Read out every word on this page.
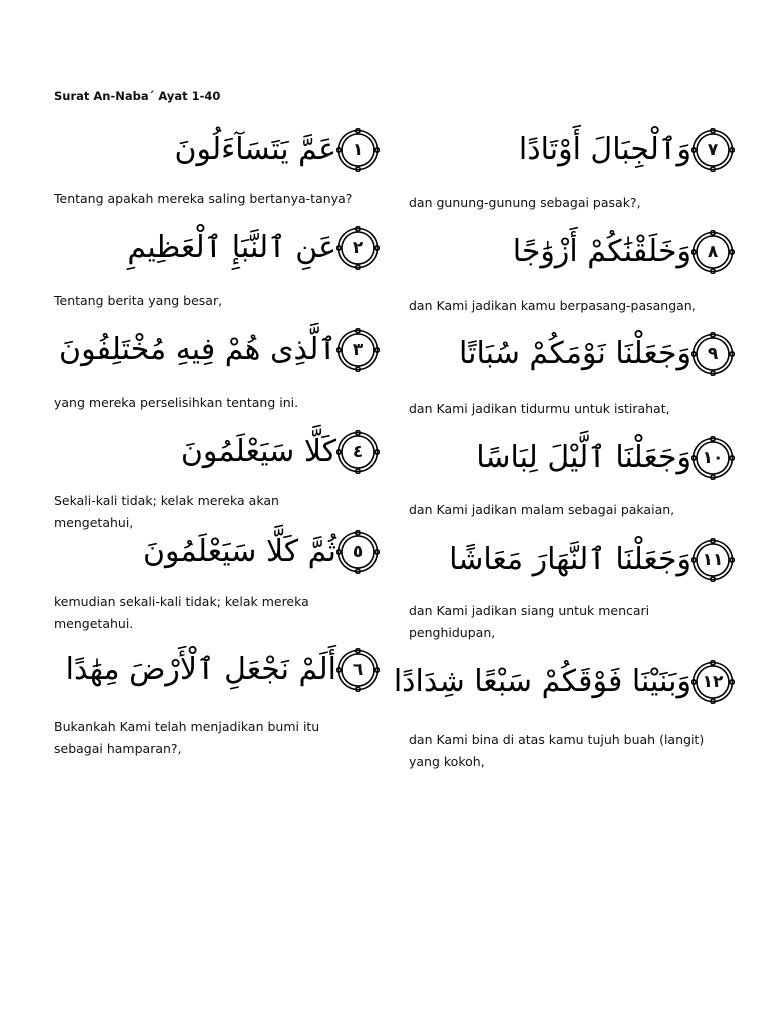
Surat An-Naba´ Ayat 1-40
عَمَّ يَتَسَآءَلُونَ ١
Tentang apakah mereka saling bertanya-tanya?
عَنِ ٱلنَّبَإِ ٱلْعَظِيمِ ٢
Tentang berita yang besar,
ٱلَّذِى هُمْ فِيهِ مُخْتَلِفُونَ ٣
yang mereka perselisihkan tentang ini.
كَلَّا سَيَعْلَمُونَ ٤
Sekali-kali tidak; kelak mereka akan mengetahui,
ثُمَّ كَلَّا سَيَعْلَمُونَ ٥
kemudian sekali-kali tidak; kelak mereka mengetahui.
أَلَمْ نَجْعَلِ ٱلْأَرْضَ مِهَٰدًا ٦
Bukankah Kami telah menjadikan bumi itu sebagai hamparan?,
وَٱلْجِبَالَ أَوْتَادًا ٧
dan gunung-gunung sebagai pasak?,
وَخَلَقْنَٰكُمْ أَزْوَٰجًا ٨
dan Kami jadikan kamu berpasang-pasangan,
وَجَعَلْنَا نَوْمَكُمْ سُبَاتًا ٩
dan Kami jadikan tidurmu untuk istirahat,
وَجَعَلْنَا ٱلَّيْلَ لِبَاسًا ١٠
dan Kami jadikan malam sebagai pakaian,
وَجَعَلْنَا ٱلنَّهَارَ مَعَاشًا ١١
dan Kami jadikan siang untuk mencari penghidupan,
وَبَنَيْنَا فَوْقَكُمْ سَبْعًا شِدَادًا ١٢
dan Kami bina di atas kamu tujuh buah (langit) yang kokoh,
